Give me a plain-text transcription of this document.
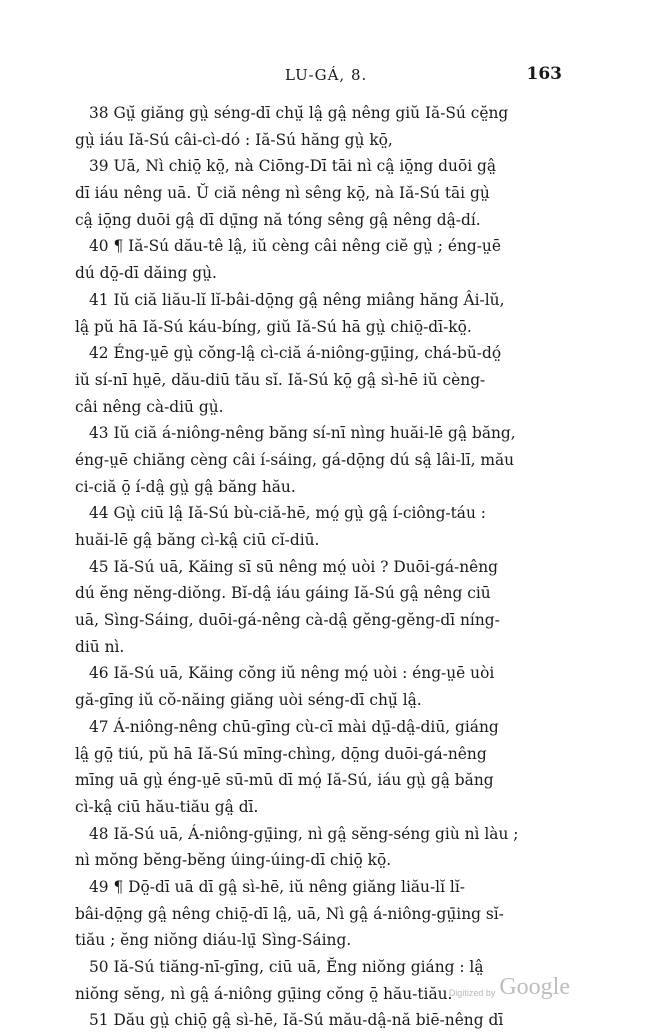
LU-GÁ, 8.	163
38 Gṳ̆ giăng gṳ̀ séng-dī chṳ̆ lâ̤ gâ̤ nêng giŭ Iă-Sú cĕ̤ng
gṳ̀ iáu Iă-Sú câi-cì-dó : Iă-Sú hăng gṳ̀ kō̤,
39 Uā, Nì chiō̤ kō̤, nà Ciōng-Dī tāi nì câ̤ iō̤ng duōi gâ̤
dī iáu nêng uā. Ŭ ciă nêng nì sêng kō̤, nà Iă-Sú tāi gṳ̀
câ̤ iō̤ng duōi gâ̤ dī dṳ̄ng nă tóng sêng gâ̤ nêng dâ̤-dí.
40 ¶ Iă-Sú dău-tê lâ̤, iŭ cèng câi nêng ciĕ gṳ̀ ; éng-ṳē
dú dō̤-dī dăing gṳ̀.
41 Iŭ ciă liău-lĭ lĭ-bâi-dō̤ng gâ̤ nêng miâng hăng Âi-lŭ,
lâ̤ pŭ hā Iă-Sú káu-bíng, giŭ Iă-Sú hā gṳ̀ chiō̤-dī-kō̤.
42 Éng-ṳē gṳ̀ cŏng-lâ̤ cì-ciă á-niông-gṳ̄ing, chá-bŭ-dó̤
iŭ sí-nī hṳē, dău-diū tău sĭ. Iă-Sú kō̤ gâ̤ sì-hē iŭ cèng-
câi nêng cà-diū gṳ̀.
43 Iŭ ciă á-niông-nêng băng sí-nī nìng huăi-lē gâ̤ băng,
éng-ṳē chiăng cèng câi í-sáing, gá-dō̤ng dú sâ̤ lâi-lī, mău
ci-ciă ō̤ í-dâ̤ gṳ̀ gâ̤ băng hău.
44 Gṳ̀ ciū lâ̤ Iă-Sú bù-ciă-hē, mó̤ gṳ̀ gâ̤ í-ciông-táu :
huăi-lē gâ̤ băng cì-kâ̤ ciū cĭ-diū.
45 Iă-Sú uā, Kăing sī sū nêng mó̤ uòi ? Duōi-gá-nêng
dú ĕng nĕng-diŏng. Bĭ-dâ̤ iáu gáing Iă-Sú gâ̤ nêng ciū
uā, Sìng-Sáing, duōi-gá-nêng cà-dâ̤ gĕng-gĕng-dī níng-
diū nì.
46 Iă-Sú uā, Kăing cŏng iŭ nêng mó̤ uòi : éng-ṳē uòi
gă-gīng iŭ cŏ-năing giăng uòi séng-dī chṳ̆ lâ̤.
47 Á-niông-nêng chū-gīng cù-cī mài dṳ̄-dâ̤-diū, giáng
lâ̤ gō̤ tiú, pŭ hā Iă-Sú mīng-chìng, dō̤ng duōi-gá-nêng
mīng uā gṳ̀ éng-ṳē sū-mū dī mó̤ Iă-Sú, iáu gṳ̀ gâ̤ băng
cì-kâ̤ ciū hău-tiău gâ̤ dī.
48 Iă-Sú uā, Á-niông-gṳ̄ing, nì gâ̤ sĕng-séng giù nì làu ;
nì mŏng bĕng-bĕng úing-úing-dī chiō̤ kō̤.
49 ¶ Dō̤-dī uā dī gâ̤ sì-hē, iŭ nêng giăng liău-lĭ lĭ-
bâi-dō̤ng gâ̤ nêng chiō̤-dī lâ̤, uā, Nì gâ̤ á-niông-gṳ̄ing sĭ-
tiău ; ĕng niŏng diáu-lṳ̄ Sìng-Sáing.
50 Iă-Sú tiăng-nī-gīng, ciū uā, Ĕng niŏng giáng : lâ̤
niŏng sĕng, nì gâ̤ á-niông gṳ̄ing cŏng ō̤ hău-tiău.
51 Dău gṳ̀ chiō̤ gâ̤ sì-hē, Iă-Sú mău-dâ̤-nă biē-nêng dī
Digitized by Google
